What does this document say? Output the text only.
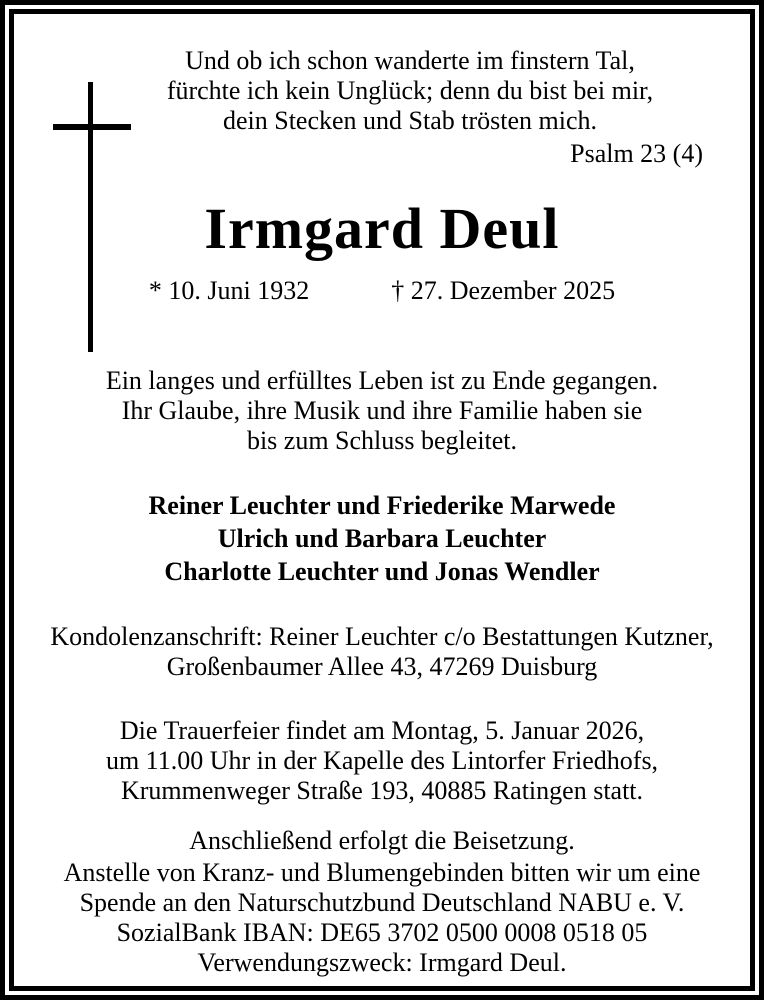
Und ob ich schon wanderte im finstern Tal,
fürchte ich kein Unglück; denn du bist bei mir,
dein Stecken und Stab trösten mich.
Psalm 23 (4)
Irmgard Deul
* 10. Juni 1932	† 27. Dezember 2025
Ein langes und erfülltes Leben ist zu Ende gegangen.
Ihr Glaube, ihre Musik und ihre Familie haben sie
bis zum Schluss begleitet.
Reiner Leuchter und Friederike Marwede
Ulrich und Barbara Leuchter
Charlotte Leuchter und Jonas Wendler
Kondolenzanschrift: Reiner Leuchter c/o Bestattungen Kutzner,
Großenbaumer Allee 43, 47269 Duisburg
Die Trauerfeier findet am Montag, 5. Januar 2026,
um 11.00 Uhr in der Kapelle des Lintorfer Friedhofs,
Krummenweger Straße 193, 40885 Ratingen statt.
Anschließend erfolgt die Beisetzung.
Anstelle von Kranz- und Blumengebinden bitten wir um eine
Spende an den Naturschutzbund Deutschland NABU e. V.
SozialBank IBAN: DE65 3702 0500 0008 0518 05
Verwendungszweck: Irmgard Deul.
